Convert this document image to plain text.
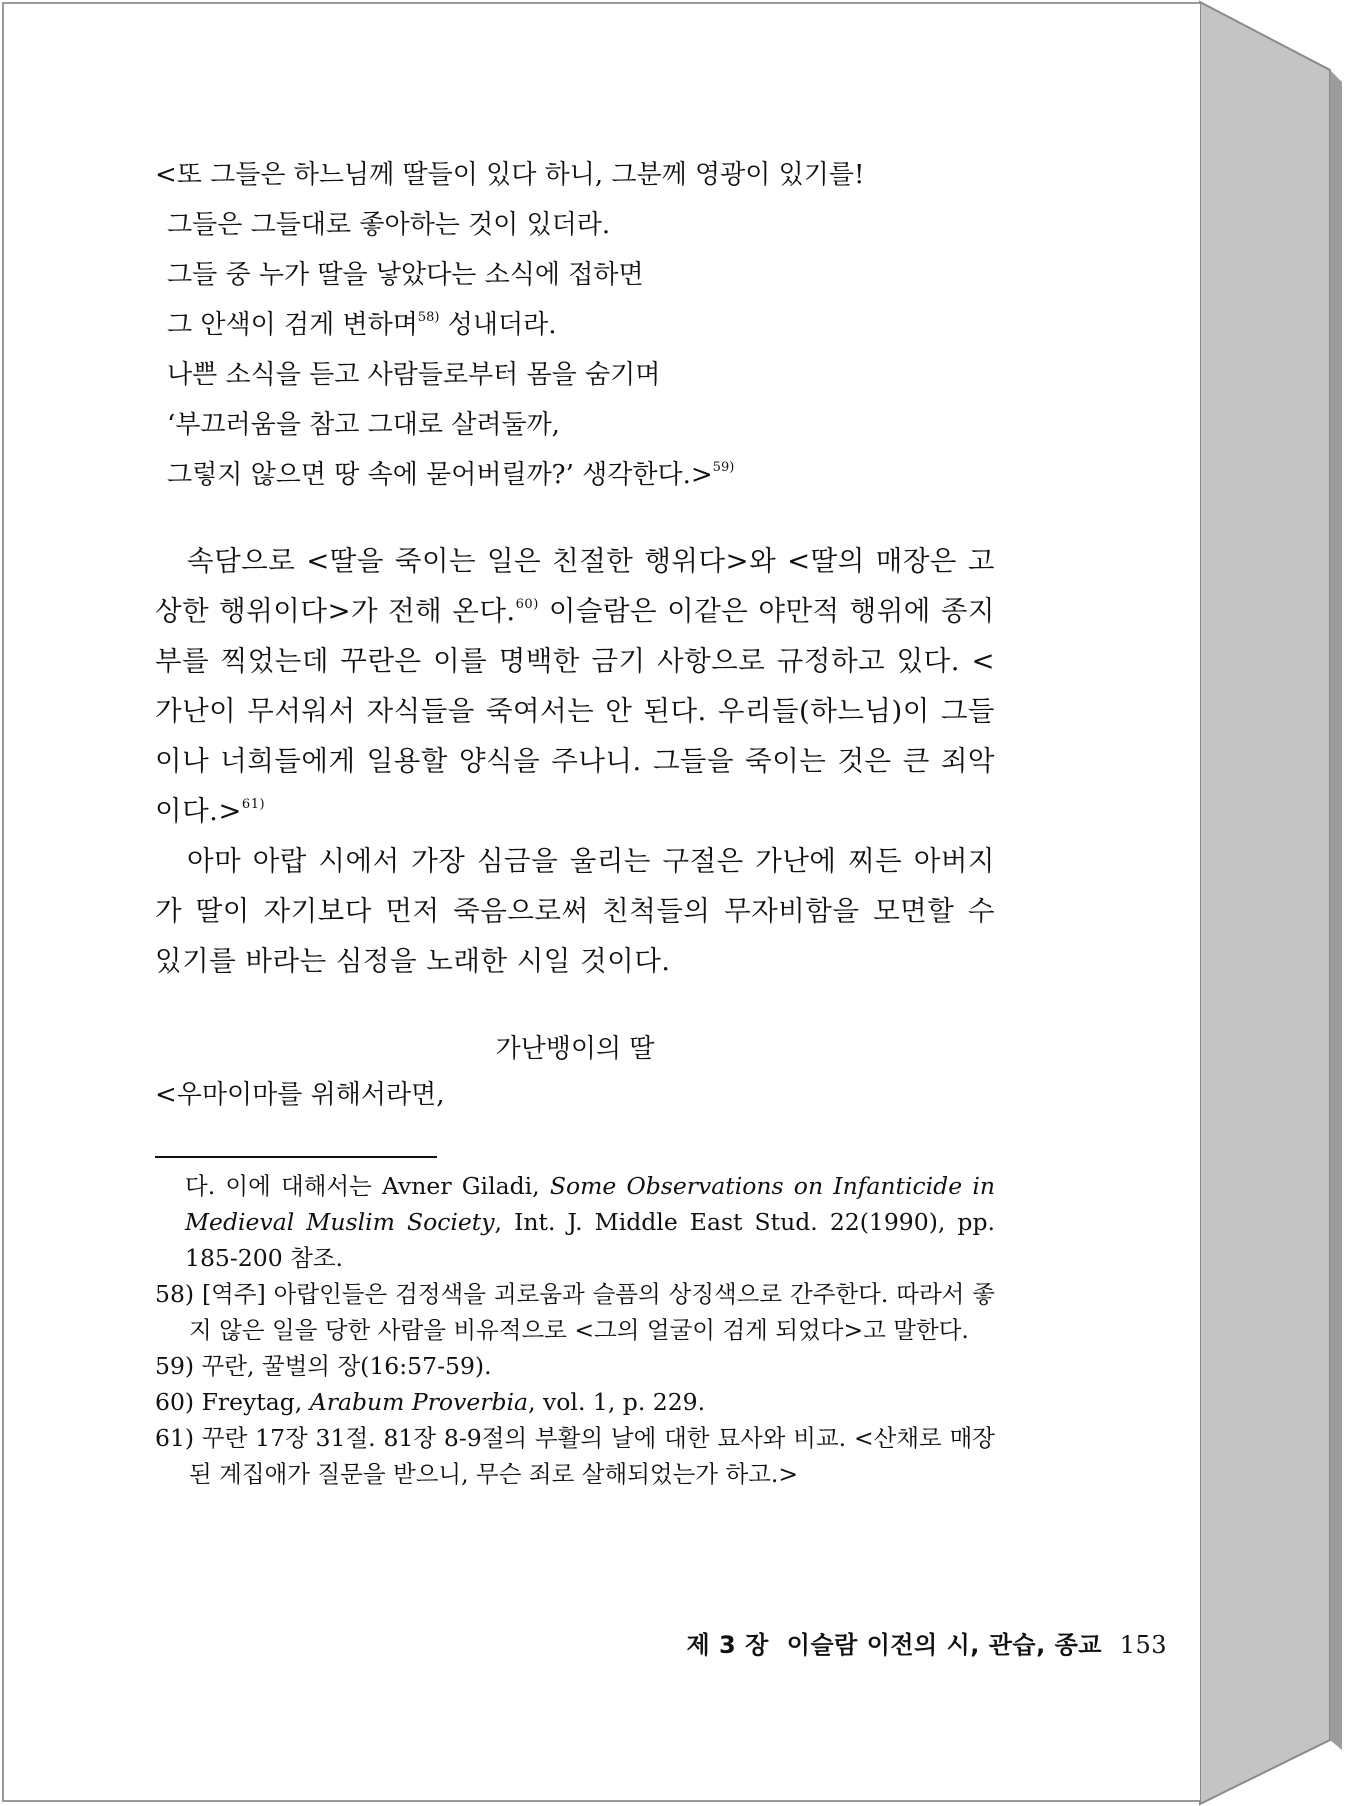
<또 그들은 하느님께 딸들이 있다 하니, 그분께 영광이 있기를!
그들은 그들대로 좋아하는 것이 있더라.
그들 중 누가 딸을 낳았다는 소식에 접하면
그 안색이 검게 변하며$^{58)}$ 성내더라.
나쁜 소식을 듣고 사람들로부터 몸을 숨기며
‘부끄러움을 참고 그대로 살려둘까,
그렇지 않으면 땅 속에 묻어버릴까?’ 생각한다.>$^{59)}$

속담으로 <딸을 죽이는 일은 친절한 행위다>와 <딸의 매장은 고상한 행위이다>가 전해 온다.$^{60)}$ 이슬람은 이같은 야만적 행위에 종지부를 찍었는데 꾸란은 이를 명백한 금기 사항으로 규정하고 있다. <가난이 무서워서 자식들을 죽여서는 안 된다. 우리들(하느님)이 그들이나 너희들에게 일용할 양식을 주나니. 그들을 죽이는 것은 큰 죄악이다.>$^{61)}$

아마 아랍 시에서 가장 심금을 울리는 구절은 가난에 찌든 아버지가 딸이 자기보다 먼저 죽음으로써 친척들의 무자비함을 모면할 수 있기를 바라는 심정을 노래한 시일 것이다.

가난뱅이의 딸

<우마이마를 위해서라면,

다. 이에 대해서는 Avner Giladi, Some Observations on Infanticide in Medieval Muslim Society, Int. J. Middle East Stud. 22(1990), pp. 185-200 참조.

58) [역주] 아랍인들은 검정색을 괴로움과 슬픔의 상징색으로 간주한다. 따라서 좋지 않은 일을 당한 사람을 비유적으로 <그의 얼굴이 검게 되었다>고 말한다.

59) 꾸란, 꿀벌의 장(16:57-59).

60) Freytag, Arabum Proverbia, vol. 1, p. 229.

61) 꾸란 17장 31절. 81장 8-9절의 부활의 날에 대한 묘사와 비교. <산채로 매장된 계집애가 질문을 받으니, 무슨 죄로 살해되었는가 하고.>

제 3 장 이슬람 이전의 시, 관습, 종교 153
